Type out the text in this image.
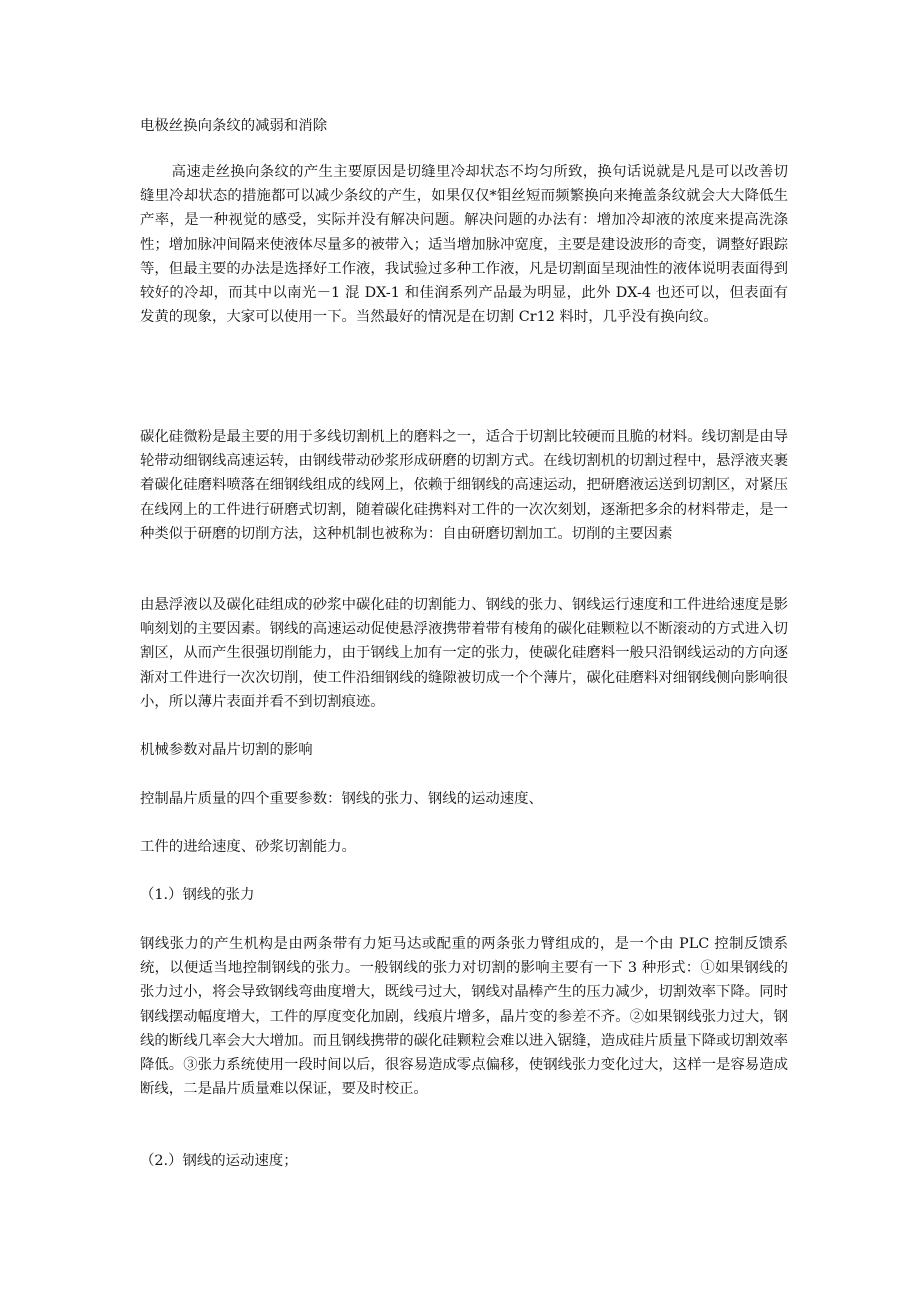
电极丝换向条纹的减弱和消除

高速走丝换向条纹的产生主要原因是切缝里冷却状态不均匀所致，换句话说就是凡是可以改善切缝里冷却状态的措施都可以减少条纹的产生，如果仅仅*钼丝短而频繁换向来掩盖条纹就会大大降低生产率，是一种视觉的感受，实际并没有解决问题。解决问题的办法有：增加冷却液的浓度来提高洗涤性；增加脉冲间隔来使液体尽量多的被带入；适当增加脉冲宽度，主要是建设波形的奇变，调整好跟踪等，但最主要的办法是选择好工作液，我试验过多种工作液，凡是切割面呈现油性的液体说明表面得到较好的冷却，而其中以南光－1 混 DX-1 和佳润系列产品最为明显，此外 DX-4 也还可以，但表面有发黄的现象，大家可以使用一下。当然最好的情况是在切割 Cr12 料时，几乎没有换向纹。

碳化硅微粉是最主要的用于多线切割机上的磨料之一，适合于切割比较硬而且脆的材料。线切割是由导轮带动细钢线高速运转，由钢线带动砂浆形成研磨的切割方式。在线切割机的切割过程中，悬浮液夹裹着碳化硅磨料喷落在细钢线组成的线网上，依赖于细钢线的高速运动，把研磨液运送到切割区，对紧压在线网上的工件进行研磨式切割，随着碳化硅携料对工件的一次次刻划，逐渐把多余的材料带走，是一种类似于研磨的切削方法，这种机制也被称为：自由研磨切割加工。切削的主要因素

由悬浮液以及碳化硅组成的砂浆中碳化硅的切割能力、钢线的张力、钢线运行速度和工件进给速度是影响刻划的主要因素。钢线的高速运动促使悬浮液携带着带有棱角的碳化硅颗粒以不断滚动的方式进入切割区，从而产生很强切削能力，由于钢线上加有一定的张力，使碳化硅磨料一般只沿钢线运动的方向逐渐对工件进行一次次切削，使工件沿细钢线的缝隙被切成一个个薄片，碳化硅磨料对细钢线侧向影响很小，所以薄片表面并看不到切割痕迹。

机械参数对晶片切割的影响

控制晶片质量的四个重要参数：钢线的张力、钢线的运动速度、

工件的进给速度、砂浆切割能力。

（1.）钢线的张力

钢线张力的产生机构是由两条带有力矩马达或配重的两条张力臂组成的，是一个由 PLC 控制反馈系统，以便适当地控制钢线的张力。一般钢线的张力对切割的影响主要有一下 3 种形式：①如果钢线的张力过小，将会导致钢线弯曲度增大，既线弓过大，钢线对晶棒产生的压力减少，切割效率下降。同时钢线摆动幅度增大，工件的厚度变化加剧，线痕片增多，晶片变的参差不齐。②如果钢线张力过大，钢线的断线几率会大大增加。而且钢线携带的碳化硅颗粒会难以进入锯缝，造成硅片质量下降或切割效率降低。③张力系统使用一段时间以后，很容易造成零点偏移，使钢线张力变化过大，这样一是容易造成断线，二是晶片质量难以保证，要及时校正。

（2.）钢线的运动速度；
